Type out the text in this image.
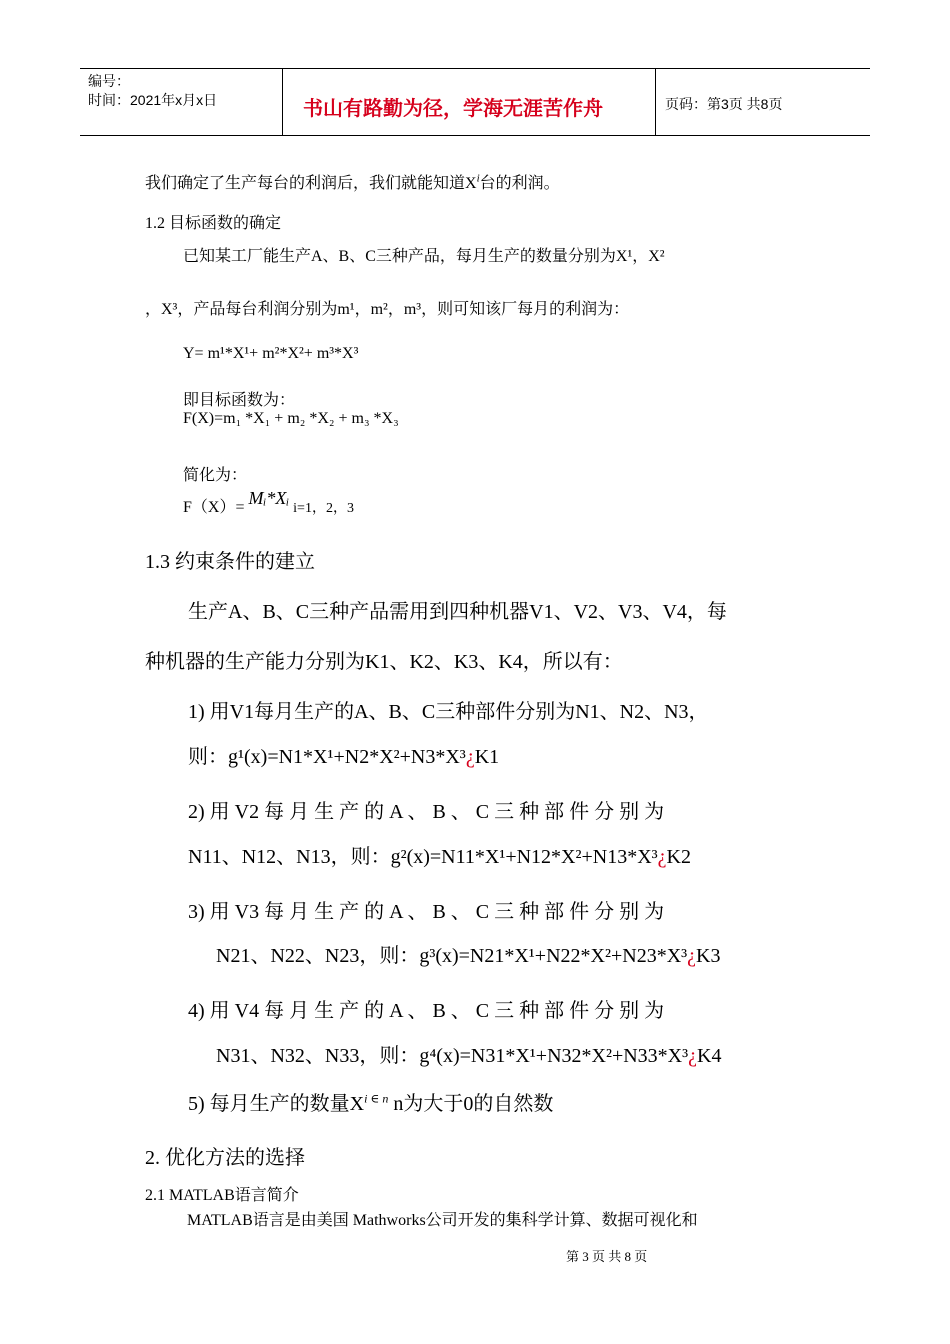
编号：
时间：2021年x月x日	书山有路勤为径，学海无涯苦作舟	页码：第3页 共8页
我们确定了生产每台的利润后，我们就能知道$X^i$台的利润。
1.2 目标函数的确定
已知某工厂能生产A、B、C三种产品，每月生产的数量分别为X¹，X²
，X³，产品每台利润分别为m¹，m²，m³，则可知该厂每月的利润为：
Y= m¹*X¹+ m²*X²+ m³*X³
即目标函数为：
F(X)=m₁ *X₁ + m₂ *X₂ + m₃ *X₃
简化为：
F（X）= Mᵢ*Xᵢ i=1，2，3
1.3 约束条件的建立
生产A、B、C三种产品需用到四种机器V1、V2、V3、V4，每
种机器的生产能力分别为K1、K2、K3、K4，所以有：
1) 用V1每月生产的A、B、C三种部件分别为N1、N2、N3，
则：g¹(x)=N1*X¹+N2*X²+N3*X³¿K1
2) 用 V2 每 月 生 产 的 A 、 B 、 C 三 种 部 件 分 别 为
N11、N12、N13，则：g²(x)=N11*X¹+N12*X²+N13*X³¿K2
3) 用 V3 每 月 生 产 的 A 、 B 、 C 三 种 部 件 分 别 为
N21、N22、N23，则：g³(x)=N21*X¹+N22*X²+N23*X³¿K3
4) 用 V4 每 月 生 产 的 A 、 B 、 C 三 种 部 件 分 别 为
N31、N32、N33，则：g⁴(x)=N31*X¹+N32*X²+N33*X³¿K4
5) 每月生产的数量$X^{i \in n}$ n为大于0的自然数
2. 优化方法的选择
2.1 MATLAB语言简介
MATLAB语言是由美国 Mathworks公司开发的集科学计算、数据可视化和
第 3 页 共 8 页
